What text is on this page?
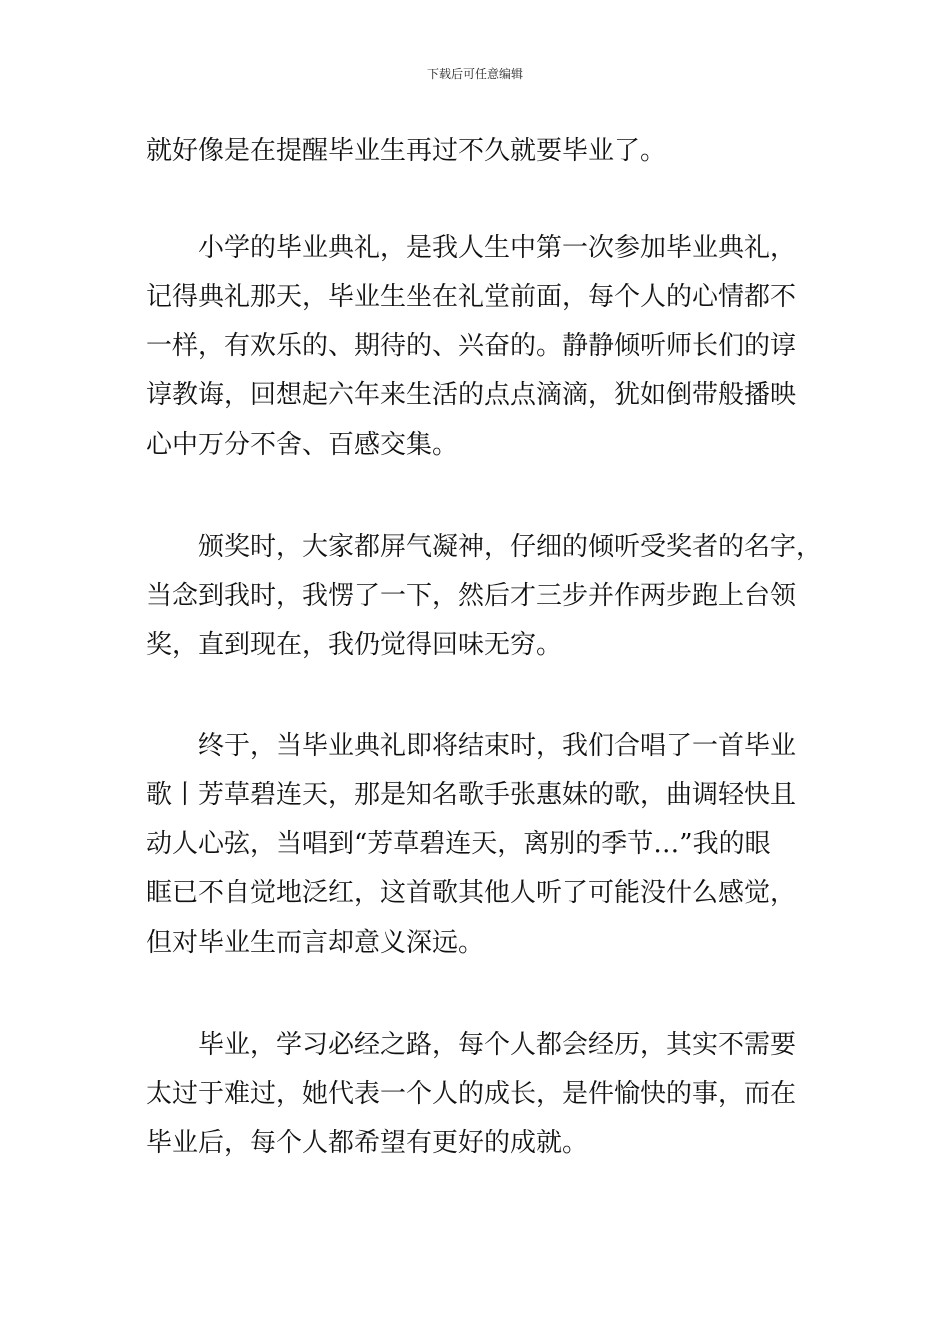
下载后可任意编辑
就好像是在提醒毕业生再过不久就要毕业了。
小学的毕业典礼，是我人生中第一次参加毕业典礼，
记得典礼那天，毕业生坐在礼堂前面，每个人的心情都不
一样，有欢乐的、期待的、兴奋的。静静倾听师长们的谆
谆教诲，回想起六年来生活的点点滴滴，犹如倒带般播映
心中万分不舍、百感交集。
颁奖时，大家都屏气凝神，仔细的倾听受奖者的名字，
当念到我时，我愣了一下，然后才三步并作两步跑上台领
奖，直到现在，我仍觉得回味无穷。
终于，当毕业典礼即将结束时，我们合唱了一首毕业
歌丨芳草碧连天，那是知名歌手张惠妹的歌，曲调轻快且
动人心弦，当唱到“芳草碧连天，离别的季节…”我的眼
眶已不自觉地泛红，这首歌其他人听了可能没什么感觉，
但对毕业生而言却意义深远。
毕业，学习必经之路，每个人都会经历，其实不需要
太过于难过，她代表一个人的成长，是件愉快的事，而在
毕业后，每个人都希望有更好的成就。
